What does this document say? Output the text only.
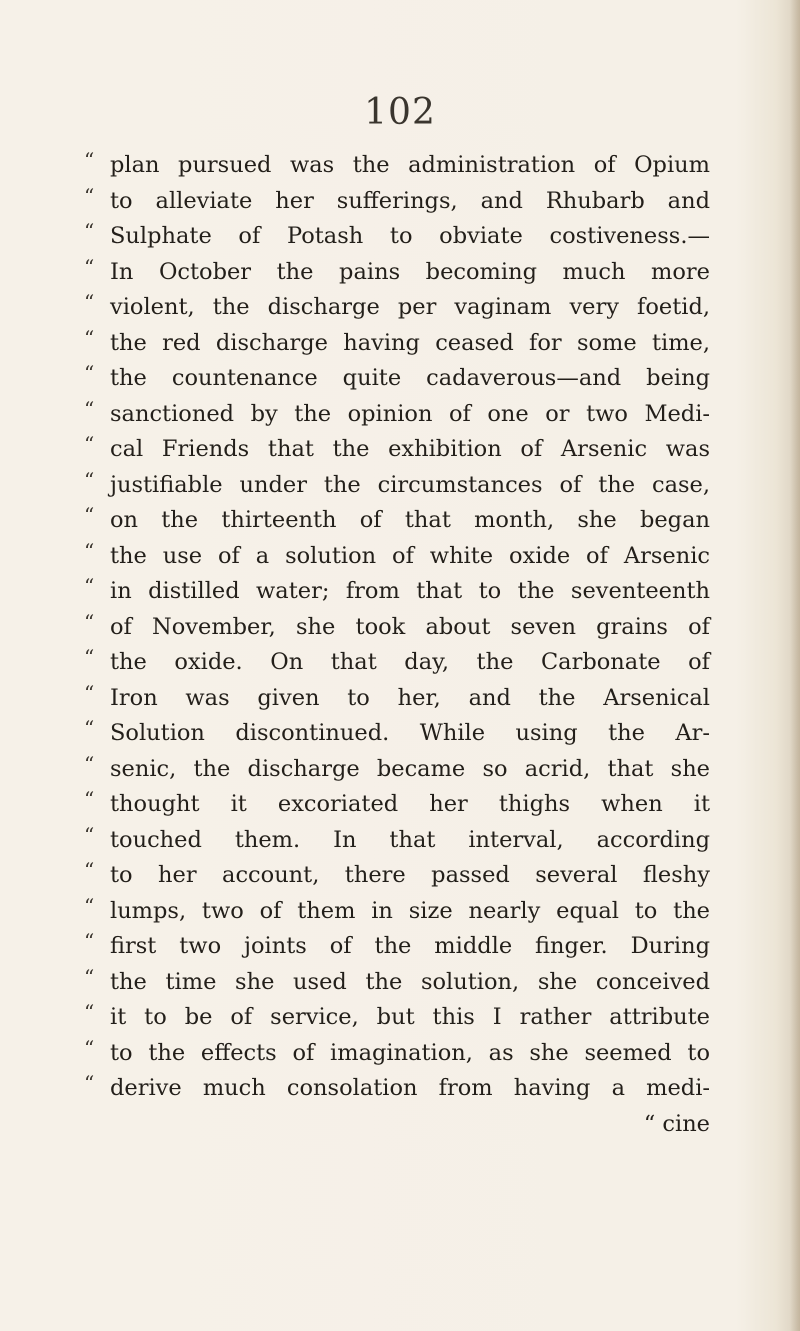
102
“ plan pursued was the administration of Opium
“ to alleviate her sufferings, and Rhubarb and
“ Sulphate of Potash to obviate costiveness.—
“ In October the pains becoming much more
“ violent, the discharge per vaginam very foetid,
“ the red discharge having ceased for some time,
“ the countenance quite cadaverous—and being
“ sanctioned by the opinion of one or two Medi-
“ cal Friends that the exhibition of Arsenic was
“ justifiable under the circumstances of the case,
“ on the thirteenth of that month, she began
“ the use of a solution of white oxide of Arsenic
“ in distilled water; from that to the seventeenth
“ of November, she took about seven grains of
“ the oxide. On that day, the Carbonate of
“ Iron was given to her, and the Arsenical
“ Solution discontinued. While using the Ar-
“ senic, the discharge became so acrid, that she
“ thought it excoriated her thighs when it
“ touched them. In that interval, according
“ to her account, there passed several fleshy
“ lumps, two of them in size nearly equal to the
“ first two joints of the middle finger. During
“ the time she used the solution, she conceived
“ it to be of service, but this I rather attribute
“ to the effects of imagination, as she seemed to
“ derive much consolation from having a medi-
“ cine
